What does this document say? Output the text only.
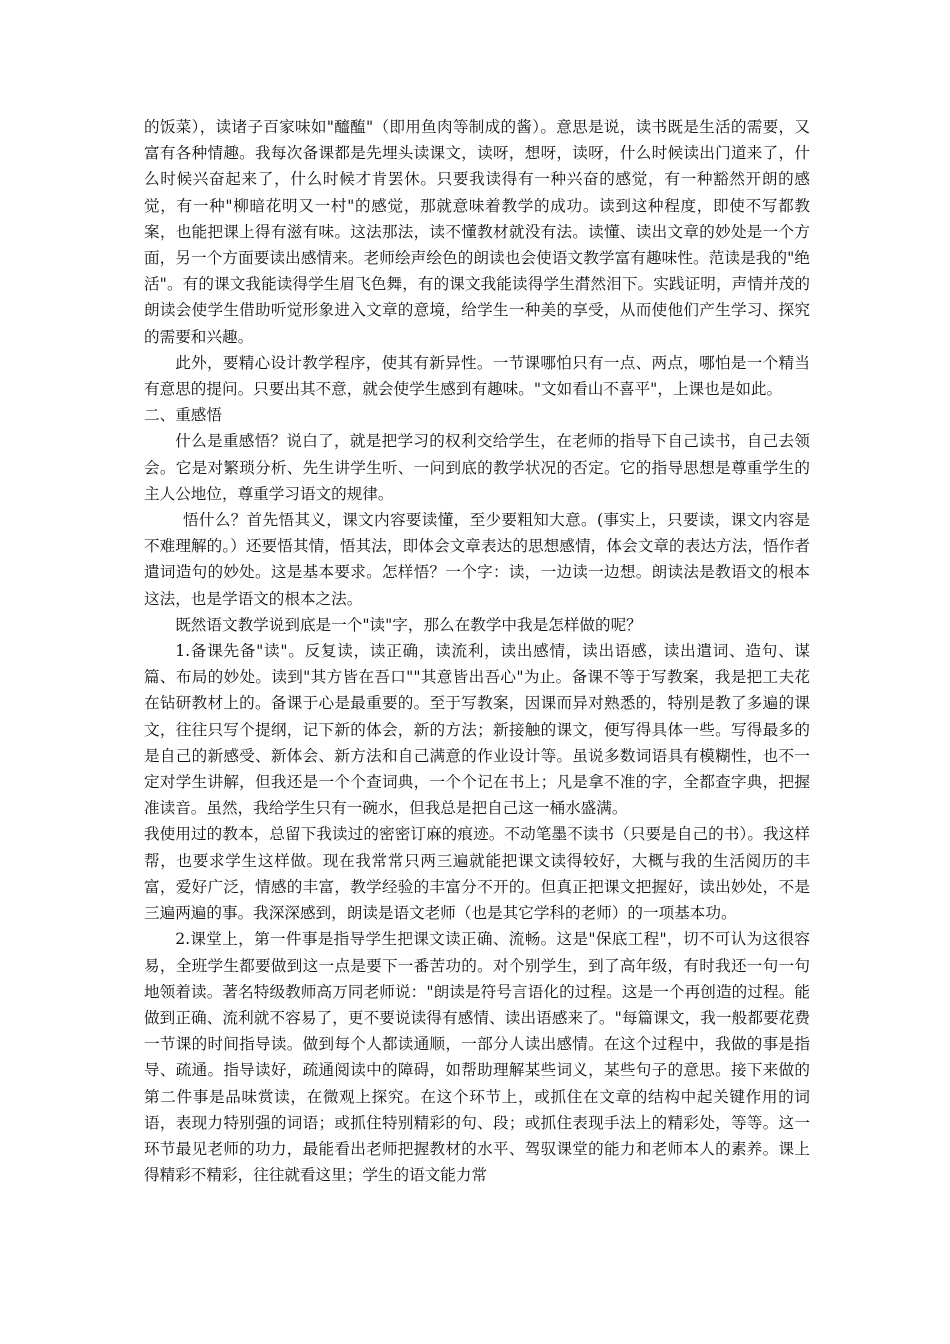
的饭菜），读诸子百家味如"醯醢"（即用鱼肉等制成的酱）。意思是说，读书既是生活的需要，又富有各种情趣。我每次备课都是先埋头读课文，读呀，想呀，读呀，什么时候读出门道来了，什么时候兴奋起来了，什么时候才肯罢休。只要我读得有一种兴奋的感觉，有一种豁然开朗的感觉，有一种"柳暗花明又一村"的感觉，那就意味着教学的成功。读到这种程度，即使不写都教案，也能把课上得有滋有味。这法那法，读不懂教材就没有法。读懂、读出文章的妙处是一个方面，另一个方面要读出感情来。老师绘声绘色的朗读也会使语文教学富有趣味性。范读是我的"绝活"。有的课文我能读得学生眉飞色舞，有的课文我能读得学生潸然泪下。实践证明，声情并茂的朗读会使学生借助听觉形象进入文章的意境，给学生一种美的享受，从而使他们产生学习、探究的需要和兴趣。

此外，要精心设计教学程序，使其有新异性。一节课哪怕只有一点、两点，哪怕是一个精当有意思的提问。只要出其不意，就会使学生感到有趣味。"文如看山不喜平"，上课也是如此。

二、重感悟

什么是重感悟？说白了，就是把学习的权利交给学生，在老师的指导下自己读书，自己去领会。它是对繁琐分析、先生讲学生听、一问到底的教学状况的否定。它的指导思想是尊重学生的主人公地位，尊重学习语文的规律。

悟什么？首先悟其义，课文内容要读懂，至少要粗知大意。(事实上，只要读，课文内容是不难理解的。）还要悟其情，悟其法，即体会文章表达的思想感情，体会文章的表达方法，悟作者遣词造句的妙处。这是基本要求。怎样悟？一个字：读，一边读一边想。朗读法是教语文的根本这法，也是学语文的根本之法。

既然语文教学说到底是一个"读"字，那么在教学中我是怎样做的呢？

1.备课先备"读"。反复读，读正确，读流利，读出感情，读出语感，读出遣词、造句、谋篇、布局的妙处。读到"其方皆在吾口""其意皆出吾心"为止。备课不等于写教案，我是把工夫花在钻研教材上的。备课于心是最重要的。至于写教案，因课而异对熟悉的，特别是教了多遍的课文，往往只写个提纲，记下新的体会，新的方法；新接触的课文，便写得具体一些。写得最多的是自己的新感受、新体会、新方法和自己满意的作业设计等。虽说多数词语具有模糊性，也不一定对学生讲解，但我还是一个个查词典，一个个记在书上；凡是拿不准的字，全都查字典，把握准读音。虽然，我给学生只有一碗水，但我总是把自己这一桶水盛满。

我使用过的教本，总留下我读过的密密订麻的痕迹。不动笔墨不读书（只要是自己的书）。我这样帮，也要求学生这样做。现在我常常只两三遍就能把课文读得较好，大概与我的生活阅历的丰富，爱好广泛，情感的丰富，教学经验的丰富分不开的。但真正把课文把握好，读出妙处，不是三遍两遍的事。我深深感到，朗读是语文老师（也是其它学科的老师）的一项基本功。

2.课堂上，第一件事是指导学生把课文读正确、流畅。这是"保底工程"，切不可认为这很容易，全班学生都要做到这一点是要下一番苦功的。对个别学生，到了高年级，有时我还一句一句地领着读。著名特级教师高万同老师说："朗读是符号言语化的过程。这是一个再创造的过程。能做到正确、流利就不容易了，更不要说读得有感情、读出语感来了。"每篇课文，我一般都要花费一节课的时间指导读。做到每个人都读通顺，一部分人读出感情。在这个过程中，我做的事是指导、疏通。指导读好，疏通阅读中的障碍，如帮助理解某些词义，某些句子的意思。接下来做的第二件事是品味赏读，在微观上探究。在这个环节上，或抓住在文章的结构中起关键作用的词语，表现力特别强的词语；或抓住特别精彩的句、段；或抓住表现手法上的精彩处，等等。这一环节最见老师的功力，最能看出老师把握教材的水平、驾驭课堂的能力和老师本人的素养。课上得精彩不精彩，往往就看这里；学生的语文能力常
